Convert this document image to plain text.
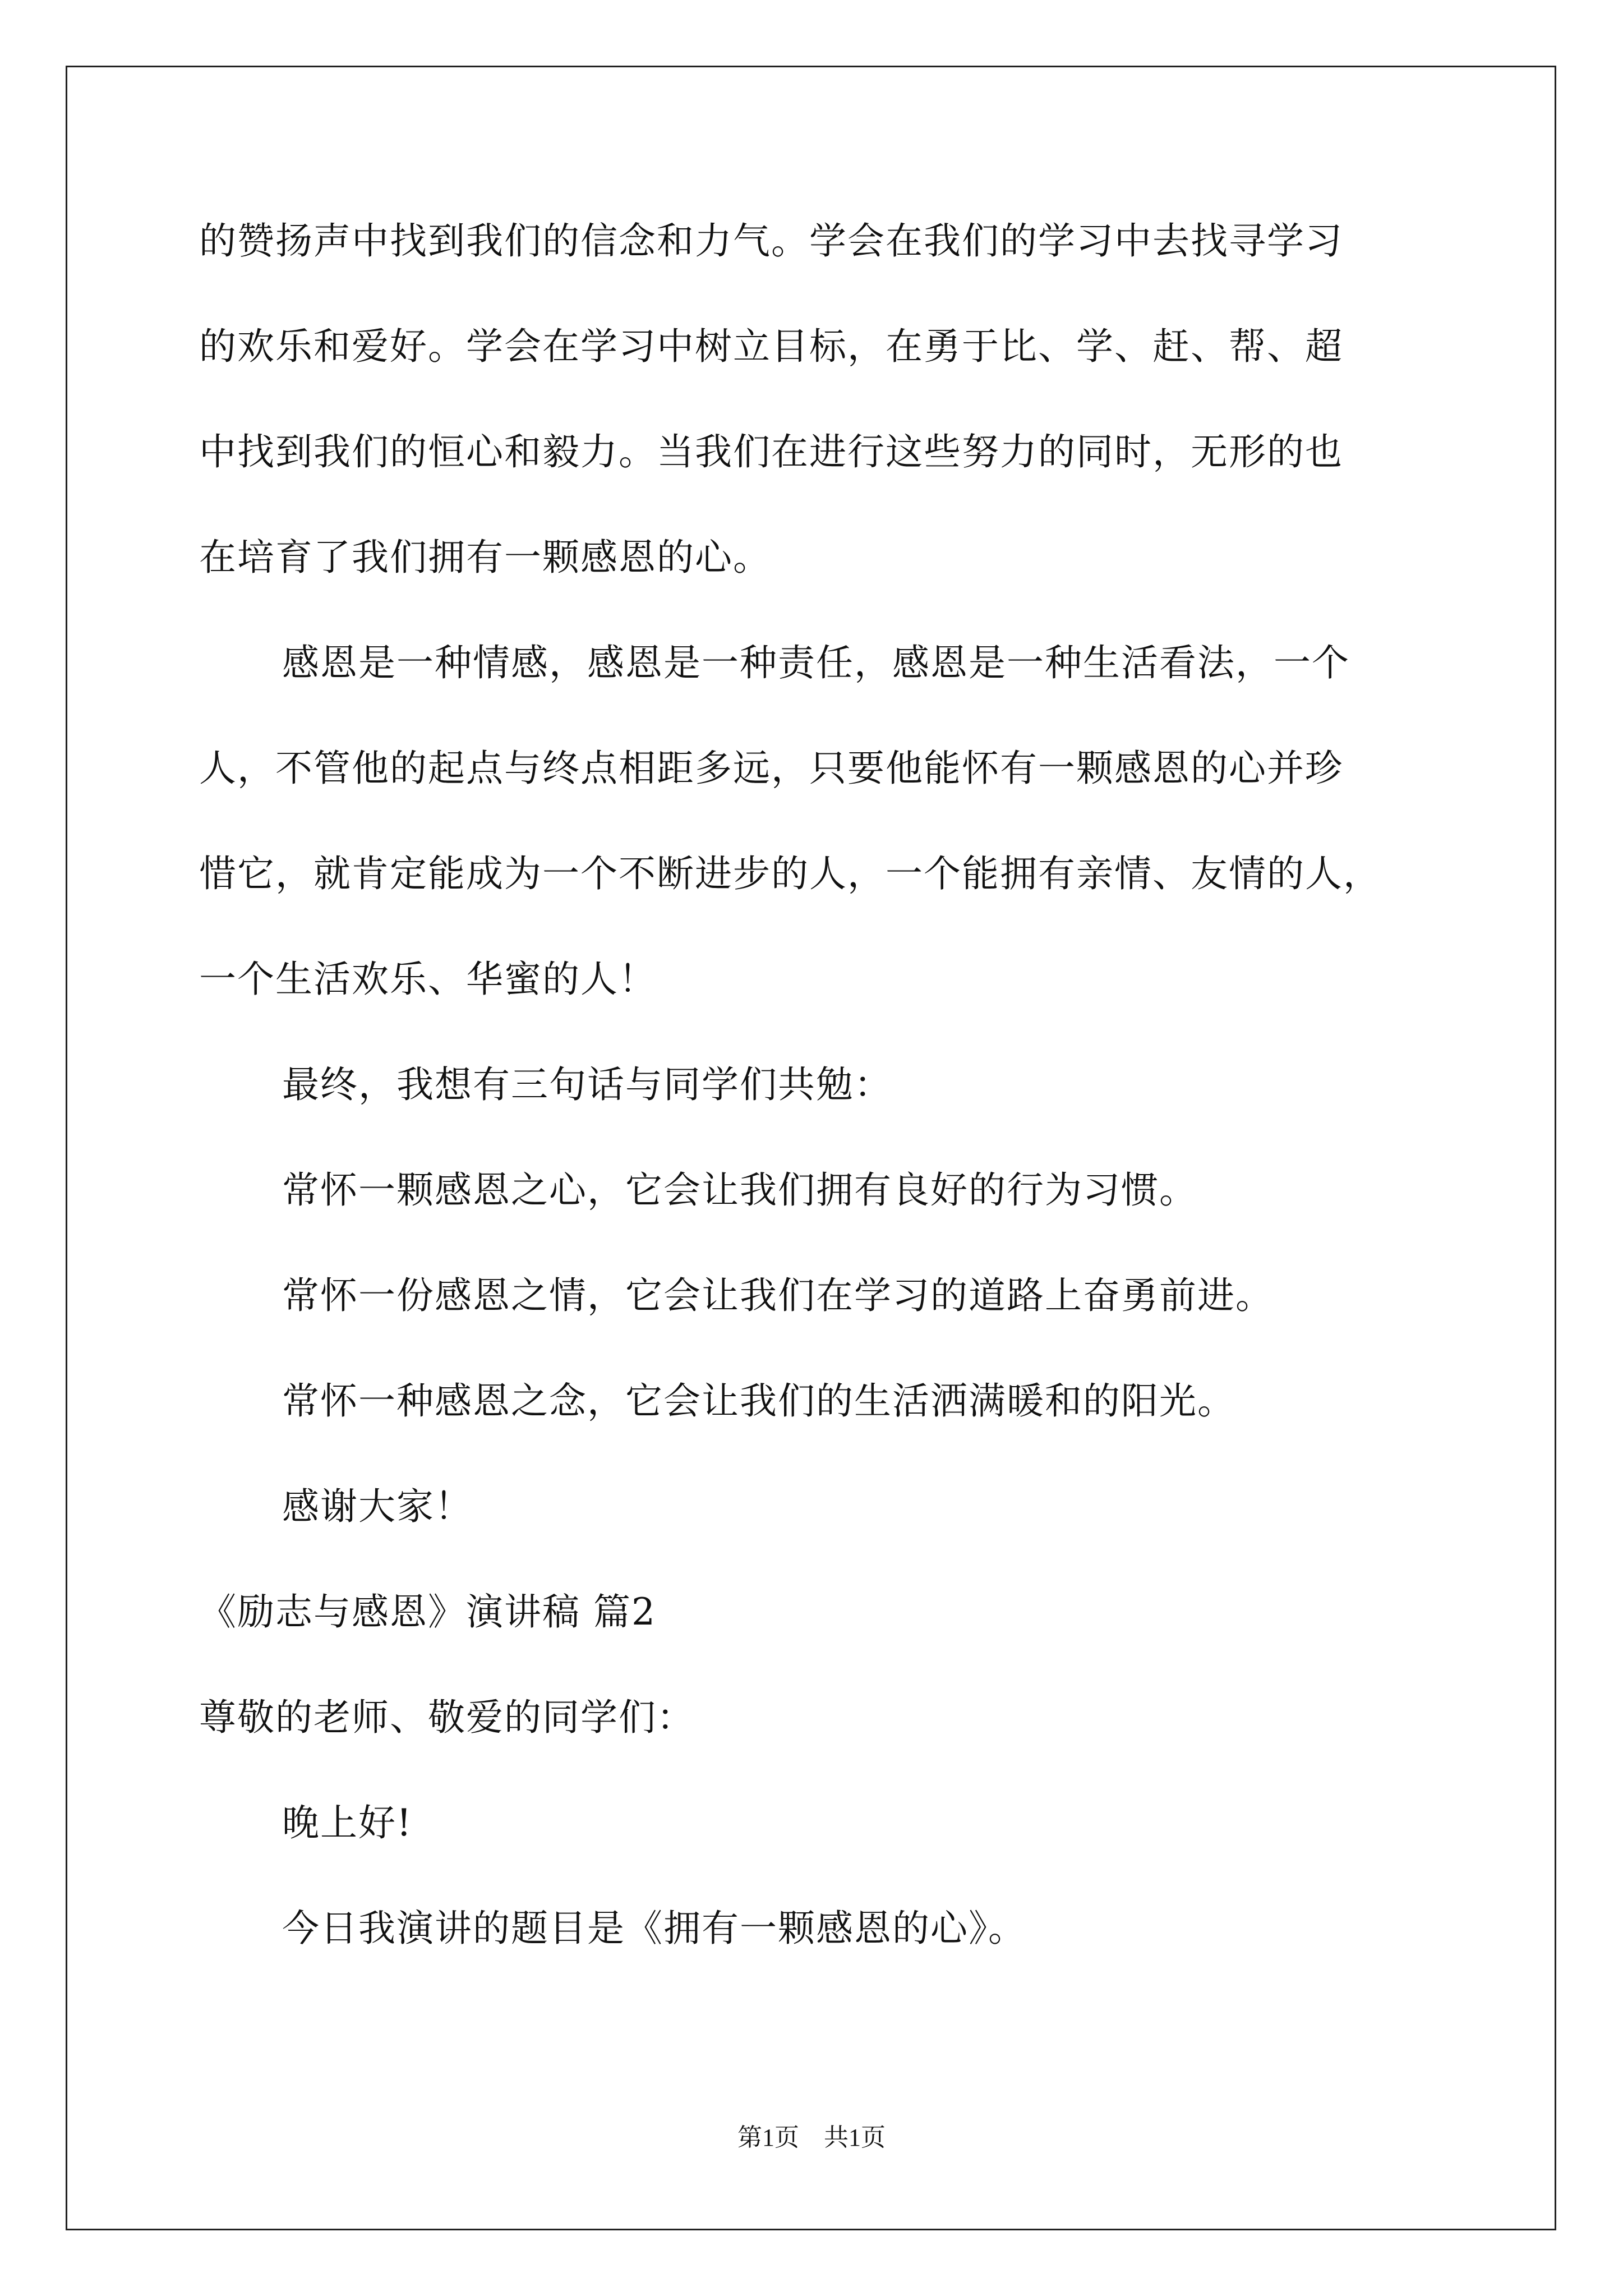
的赞扬声中找到我们的信念和力气。学会在我们的学习中去找寻学习
的欢乐和爱好。学会在学习中树立目标，在勇于比、学、赶、帮、超
中找到我们的恒心和毅力。当我们在进行这些努力的同时，无形的也
在培育了我们拥有一颗感恩的心。
感恩是一种情感，感恩是一种责任，感恩是一种生活看法，一个
人，不管他的起点与终点相距多远，只要他能怀有一颗感恩的心并珍
惜它，就肯定能成为一个不断进步的人，一个能拥有亲情、友情的人，
一个生活欢乐、华蜜的人！
最终，我想有三句话与同学们共勉：
常怀一颗感恩之心，它会让我们拥有良好的行为习惯。
常怀一份感恩之情，它会让我们在学习的道路上奋勇前进。
常怀一种感恩之念，它会让我们的生活洒满暖和的阳光。
感谢大家！
《励志与感恩》演讲稿 篇2
尊敬的老师、敬爱的同学们：
晚上好!
今日我演讲的题目是《拥有一颗感恩的心》。
第1页　共1页
